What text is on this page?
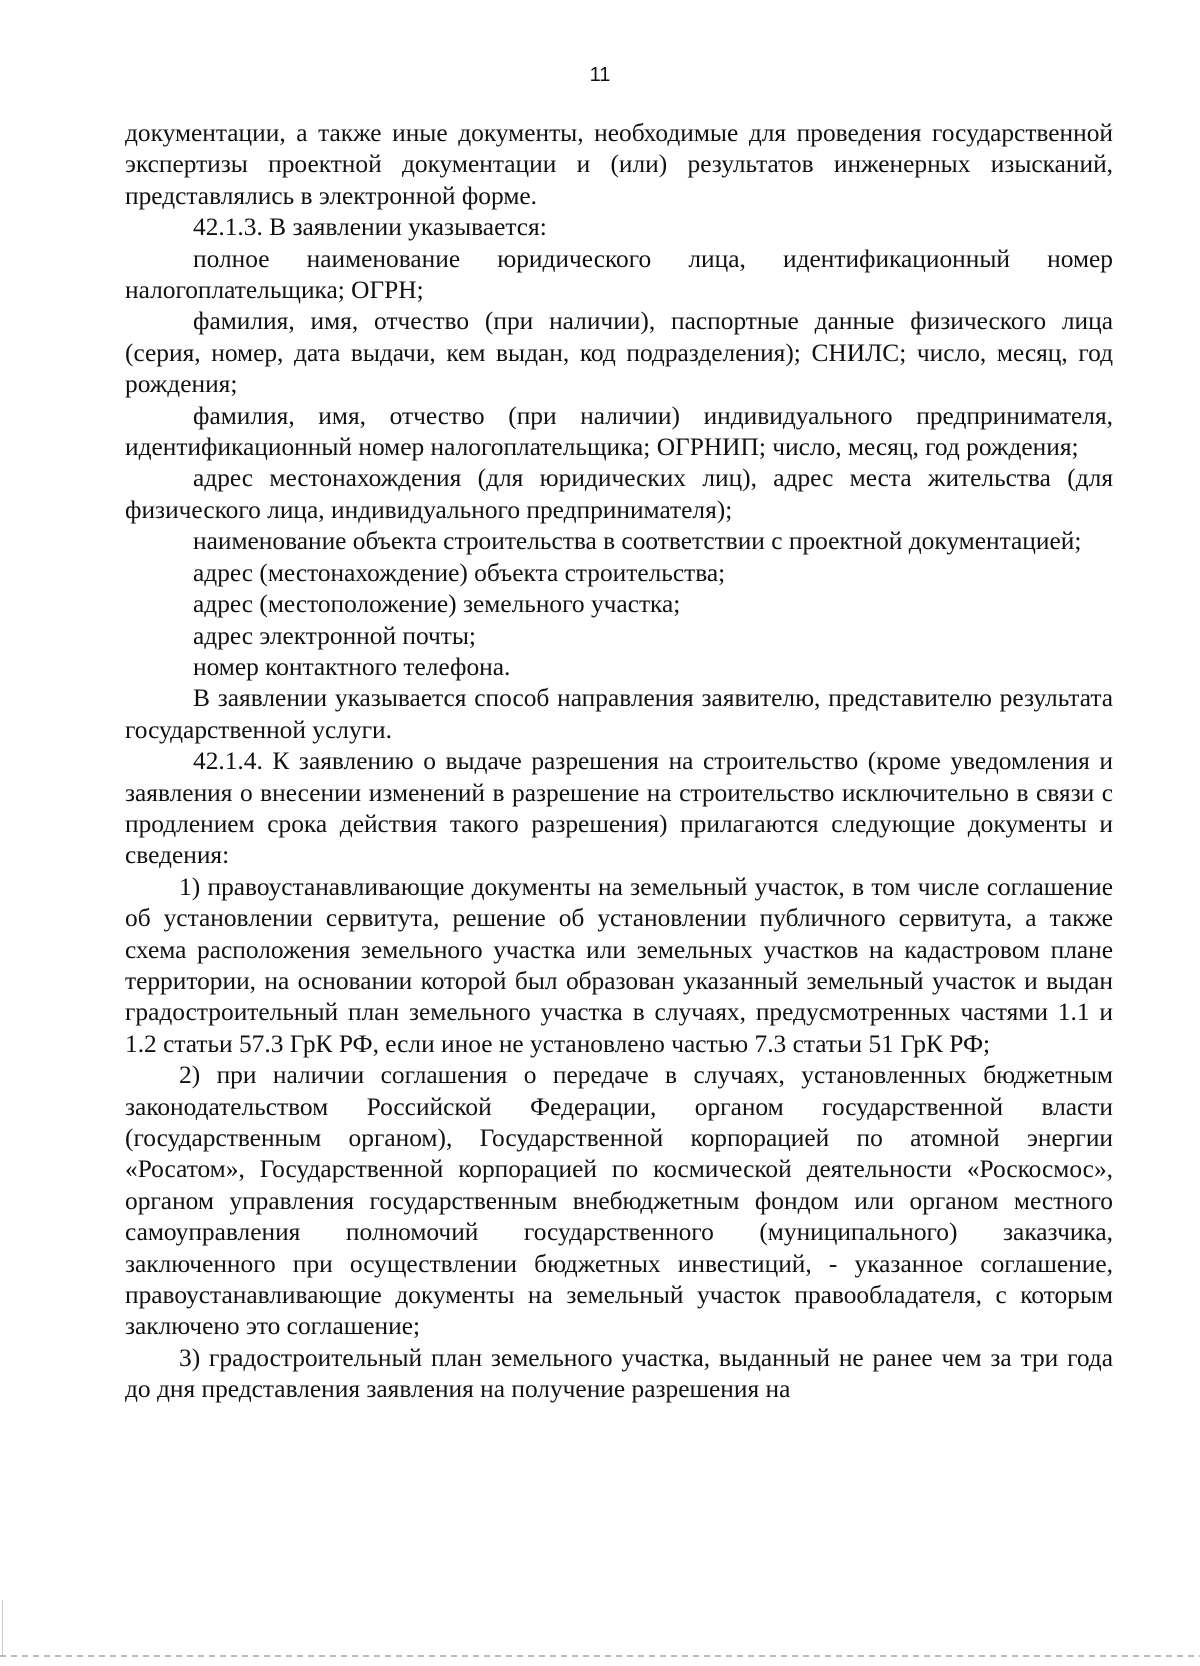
11

документации, а также иные документы, необходимые для проведения государственной экспертизы проектной документации и (или) результатов инженерных изысканий, представлялись в электронной форме.

42.1.3. В заявлении указывается:

полное наименование юридического лица, идентификационный номер налогоплательщика; ОГРН;

фамилия, имя, отчество (при наличии), паспортные данные физического лица (серия, номер, дата выдачи, кем выдан, код подразделения); СНИЛС; число, месяц, год рождения;

фамилия, имя, отчество (при наличии) индивидуального предпринимателя, идентификационный номер налогоплательщика; ОГРНИП; число, месяц, год рождения;

адрес местонахождения (для юридических лиц), адрес места жительства (для физического лица, индивидуального предпринимателя);

наименование объекта строительства в соответствии с проектной документацией;

адрес (местонахождение) объекта строительства;

адрес (местоположение) земельного участка;

адрес электронной почты;

номер контактного телефона.

В заявлении указывается способ направления заявителю, представителю результата государственной услуги.

42.1.4. К заявлению о выдаче разрешения на строительство (кроме уведомления и заявления о внесении изменений в разрешение на строительство исключительно в связи с продлением срока действия такого разрешения) прилагаются следующие документы и сведения:

1) правоустанавливающие документы на земельный участок, в том числе соглашение об установлении сервитута, решение об установлении публичного сервитута, а также схема расположения земельного участка или земельных участков на кадастровом плане территории, на основании которой был образован указанный земельный участок и выдан градостроительный план земельного участка в случаях, предусмотренных частями 1.1 и 1.2 статьи 57.3 ГрК РФ, если иное не установлено частью 7.3 статьи 51 ГрК РФ;

2) при наличии соглашения о передаче в случаях, установленных бюджетным законодательством Российской Федерации, органом государственной власти (государственным органом), Государственной корпорацией по атомной энергии «Росатом», Государственной корпорацией по космической деятельности «Роскосмос», органом управления государственным внебюджетным фондом или органом местного самоуправления полномочий государственного (муниципального) заказчика, заключенного при осуществлении бюджетных инвестиций, - указанное соглашение, правоустанавливающие документы на земельный участок правообладателя, с которым заключено это соглашение;

3) градостроительный план земельного участка, выданный не ранее чем за три года до дня представления заявления на получение разрешения на
